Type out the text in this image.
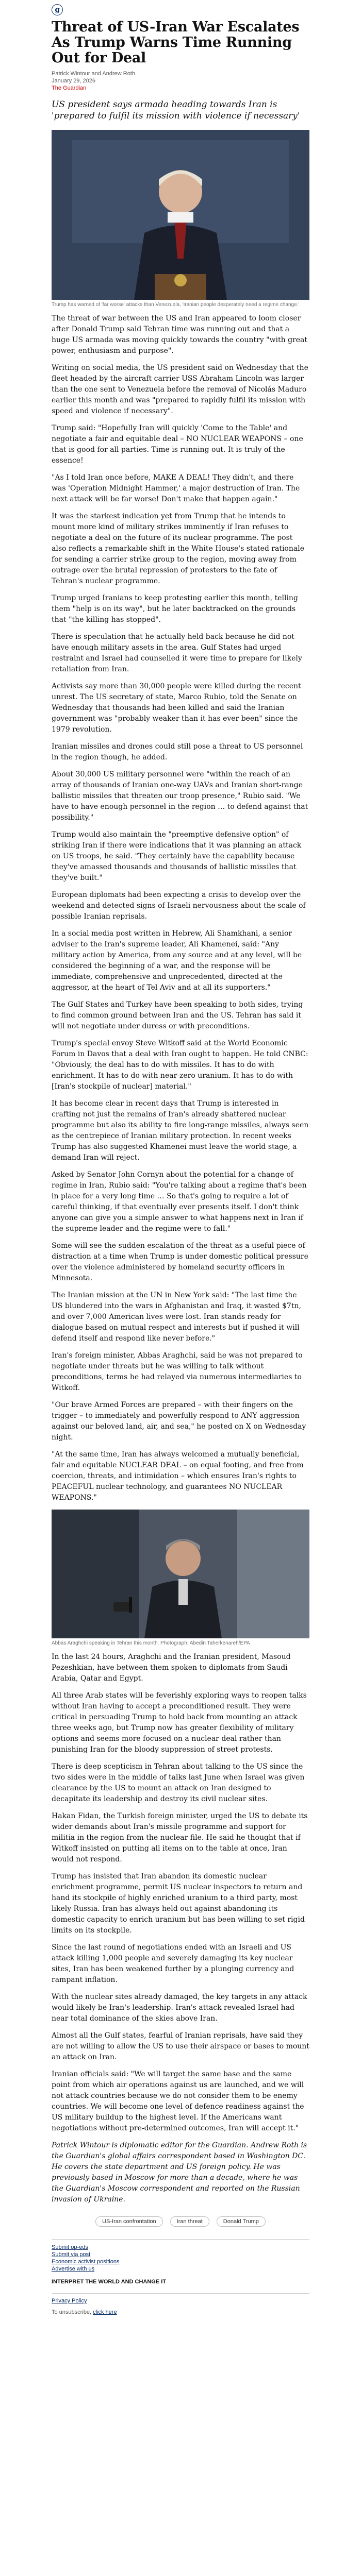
g
Threat of US-Iran War Escalates As Trump Warns Time Running Out for Deal
Patrick Wintour and Andrew Roth
January 29, 2026
The Guardian

US president says armada heading towards Iran is 'prepared to fulfil its mission with violence if necessary'

Trump has warned of 'far worse' attacks than Venezuela, 'Iranian people desperately need a regime change.'

The threat of war between the US and Iran appeared to loom closer after Donald Trump said Tehran time was running out and that a huge US armada was moving quickly towards the country "with great power, enthusiasm and purpose".

Writing on social media, the US president said on Wednesday that the fleet headed by the aircraft carrier USS Abraham Lincoln was larger than the one sent to Venezuela before the removal of Nicolás Maduro earlier this month and was "prepared to rapidly fulfil its mission with speed and violence if necessary".

Trump said: "Hopefully Iran will quickly 'Come to the Table' and negotiate a fair and equitable deal – NO NUCLEAR WEAPONS – one that is good for all parties. Time is running out. It is truly of the essence!

"As I told Iran once before, MAKE A DEAL! They didn't, and there was 'Operation Midnight Hammer,' a major destruction of Iran. The next attack will be far worse! Don't make that happen again."

It was the starkest indication yet from Trump that he intends to mount more kind of military strikes imminently if Iran refuses to negotiate a deal on the future of its nuclear programme. The post also reflects a remarkable shift in the White House's stated rationale for sending a carrier strike group to the region, moving away from outrage over the brutal repression of protesters to the fate of Tehran's nuclear programme.

Trump urged Iranians to keep protesting earlier this month, telling them "help is on its way", but he later backtracked on the grounds that "the killing has stopped".

There is speculation that he actually held back because he did not have enough military assets in the area. Gulf States had urged restraint and Israel had counselled it were time to prepare for likely retaliation from Iran.

Activists say more than 30,000 people were killed during the recent unrest. The US secretary of state, Marco Rubio, told the Senate on Wednesday that thousands had been killed and said the Iranian government was "probably weaker than it has ever been" since the 1979 revolution.

Iranian missiles and drones could still pose a threat to US personnel in the region though, he added.

About 30,000 US military personnel were "within the reach of an array of thousands of Iranian one-way UAVs and Iranian short-range ballistic missiles that threaten our troop presence," Rubio said. "We have to have enough personnel in the region … to defend against that possibility."

Trump would also maintain the "preemptive defensive option" of striking Iran if there were indications that it was planning an attack on US troops, he said. "They certainly have the capability because they've amassed thousands and thousands of ballistic missiles that they've built."

European diplomats had been expecting a crisis to develop over the weekend and detected signs of Israeli nervousness about the scale of possible Iranian reprisals.

In a social media post written in Hebrew, Ali Shamkhani, a senior adviser to the Iran's supreme leader, Ali Khamenei, said: "Any military action by America, from any source and at any level, will be considered the beginning of a war, and the response will be immediate, comprehensive and unprecedented, directed at the aggressor, at the heart of Tel Aviv and at all its supporters."

The Gulf States and Turkey have been speaking to both sides, trying to find common ground between Iran and the US. Tehran has said it will not negotiate under duress or with preconditions.

Trump's special envoy Steve Witkoff said at the World Economic Forum in Davos that a deal with Iran ought to happen. He told CNBC: "Obviously, the deal has to do with missiles. It has to do with enrichment. It has to do with near-zero uranium. It has to do with [Iran's stockpile of nuclear] material."

It has become clear in recent days that Trump is interested in crafting not just the remains of Iran's already shattered nuclear programme but also its ability to fire long-range missiles, always seen as the centrepiece of Iranian military protection. In recent weeks Trump has also suggested Khamenei must leave the world stage, a demand Iran will reject.

Asked by Senator John Cornyn about the potential for a change of regime in Iran, Rubio said: "You're talking about a regime that's been in place for a very long time … So that's going to require a lot of careful thinking, if that eventually ever presents itself. I don't think anyone can give you a simple answer to what happens next in Iran if the supreme leader and the regime were to fall."

Some will see the sudden escalation of the threat as a useful piece of distraction at a time when Trump is under domestic political pressure over the violence administered by homeland security officers in Minnesota.

The Iranian mission at the UN in New York said: "The last time the US blundered into the wars in Afghanistan and Iraq, it wasted $7tn, and over 7,000 American lives were lost. Iran stands ready for dialogue based on mutual respect and interests but if pushed it will defend itself and respond like never before."

Iran's foreign minister, Abbas Araghchi, said he was not prepared to negotiate under threats but he was willing to talk without preconditions, terms he had relayed via numerous intermediaries to Witkoff.

"Our brave Armed Forces are prepared – with their fingers on the trigger – to immediately and powerfully respond to ANY aggression against our beloved land, air, and sea," he posted on X on Wednesday night.

"At the same time, Iran has always welcomed a mutually beneficial, fair and equitable NUCLEAR DEAL – on equal footing, and free from coercion, threats, and intimidation – which ensures Iran's rights to PEACEFUL nuclear technology, and guarantees NO NUCLEAR WEAPONS."

Abbas Araghchi speaking in Tehran this month. Photograph: Abedin Taherkenareh/EPA

In the last 24 hours, Araghchi and the Iranian president, Masoud Pezeshkian, have between them spoken to diplomats from Saudi Arabia, Qatar and Egypt.

All three Arab states will be feverishly exploring ways to reopen talks without Iran having to accept a preconditioned result. They were critical in persuading Trump to hold back from mounting an attack three weeks ago, but Trump now has greater flexibility of military options and seems more focused on a nuclear deal rather than punishing Iran for the bloody suppression of street protests.

There is deep scepticism in Tehran about talking to the US since the two sides were in the middle of talks last June when Israel was given clearance by the US to mount an attack on Iran designed to decapitate its leadership and destroy its civil nuclear sites.

Hakan Fidan, the Turkish foreign minister, urged the US to debate its wider demands about Iran's missile programme and support for militia in the region from the nuclear file. He said he thought that if Witkoff insisted on putting all items on to the table at once, Iran would not respond.

Trump has insisted that Iran abandon its domestic nuclear enrichment programme, permit US nuclear inspectors to return and hand its stockpile of highly enriched uranium to a third party, most likely Russia. Iran has always held out against abandoning its domestic capacity to enrich uranium but has been willing to set rigid limits on its stockpile.

Since the last round of negotiations ended with an Israeli and US attack killing 1,000 people and severely damaging its key nuclear sites, Iran has been weakened further by a plunging currency and rampant inflation.

With the nuclear sites already damaged, the key targets in any attack would likely be Iran's leadership. Iran's attack revealed Israel had near total dominance of the skies above Iran.

Almost all the Gulf states, fearful of Iranian reprisals, have said they are not willing to allow the US to use their airspace or bases to mount an attack on Iran.

Iranian officials said: "We will target the same base and the same point from which air operations against us are launched, and we will not attack countries because we do not consider them to be enemy countries. We will become one level of defence readiness against the US military buildup to the highest level. If the Americans want negotiations without pre-determined outcomes, Iran will accept it."

Patrick Wintour is diplomatic editor for the Guardian. Andrew Roth is the Guardian's global affairs correspondent based in Washington DC. He covers the state department and US foreign policy. He was previously based in Moscow for more than a decade, where he was the Guardian's Moscow correspondent and reported on the Russian invasion of Ukraine.

US-Iran confrontation	Iran threat	Donald Trump
Submit op-eds
Submit via post
Economic activist positions
Advertise with us
INTERPRET THE WORLD AND CHANGE IT
Privacy Policy
To unsubscribe, click here
